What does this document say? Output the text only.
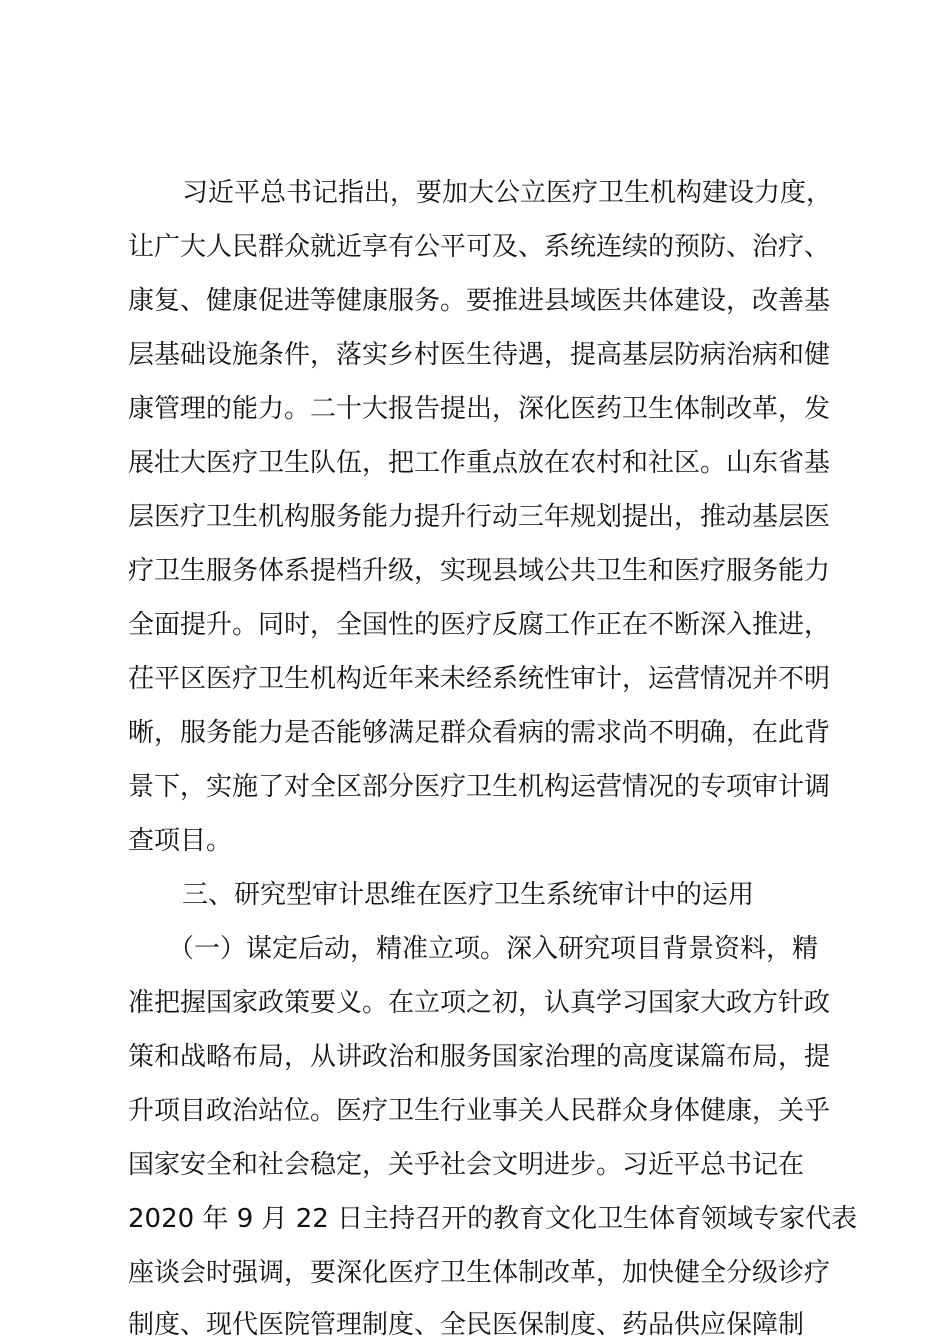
习近平总书记指出，要加大公立医疗卫生机构建设力度，
让广大人民群众就近享有公平可及、系统连续的预防、治疗、
康复、健康促进等健康服务。要推进县域医共体建设，改善基
层基础设施条件，落实乡村医生待遇，提高基层防病治病和健
康管理的能力。二十大报告提出，深化医药卫生体制改革，发
展壮大医疗卫生队伍，把工作重点放在农村和社区。山东省基
层医疗卫生机构服务能力提升行动三年规划提出，推动基层医
疗卫生服务体系提档升级，实现县域公共卫生和医疗服务能力
全面提升。同时，全国性的医疗反腐工作正在不断深入推进，
茌平区医疗卫生机构近年来未经系统性审计，运营情况并不明
晰，服务能力是否能够满足群众看病的需求尚不明确，在此背
景下，实施了对全区部分医疗卫生机构运营情况的专项审计调
查项目。
三、研究型审计思维在医疗卫生系统审计中的运用
（一）谋定后动，精准立项。深入研究项目背景资料，精
准把握国家政策要义。在立项之初，认真学习国家大政方针政
策和战略布局，从讲政治和服务国家治理的高度谋篇布局，提
升项目政治站位。医疗卫生行业事关人民群众身体健康，关乎
国家安全和社会稳定，关乎社会文明进步。习近平总书记在
2020 年 9 月 22 日主持召开的教育文化卫生体育领域专家代表
座谈会时强调，要深化医疗卫生体制改革，加快健全分级诊疗
制度、现代医院管理制度、全民医保制度、药品供应保障制
